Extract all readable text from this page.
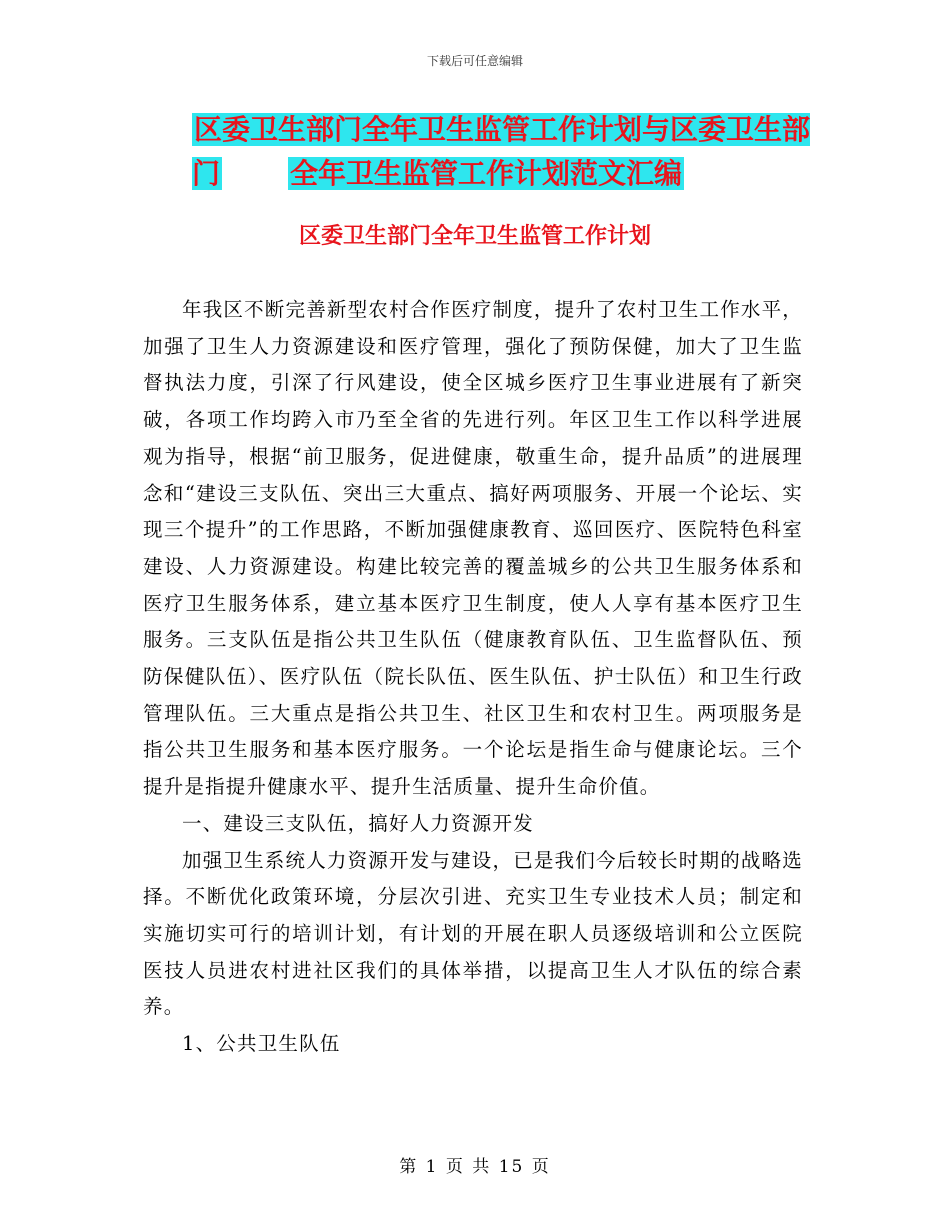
下载后可任意编辑
区委卫生部门全年卫生监管工作计划与区委卫生部门	全年卫生监管工作计划范文汇编
区委卫生部门全年卫生监管工作计划

年我区不断完善新型农村合作医疗制度，提升了农村卫生工作水平，加强了卫生人力资源建设和医疗管理，强化了预防保健，加大了卫生监督执法力度，引深了行风建设，使全区城乡医疗卫生事业进展有了新突破，各项工作均跨入市乃至全省的先进行列。年区卫生工作以科学进展观为指导，根据“前卫服务，促进健康，敬重生命，提升品质”的进展理念和“建设三支队伍、突出三大重点、搞好两项服务、开展一个论坛、实现三个提升”的工作思路，不断加强健康教育、巡回医疗、医院特色科室建设、人力资源建设。构建比较完善的覆盖城乡的公共卫生服务体系和医疗卫生服务体系，建立基本医疗卫生制度，使人人享有基本医疗卫生服务。三支队伍是指公共卫生队伍（健康教育队伍、卫生监督队伍、预防保健队伍）、医疗队伍（院长队伍、医生队伍、护士队伍）和卫生行政管理队伍。三大重点是指公共卫生、社区卫生和农村卫生。两项服务是指公共卫生服务和基本医疗服务。一个论坛是指生命与健康论坛。三个提升是指提升健康水平、提升生活质量、提升生命价值。

一、建设三支队伍，搞好人力资源开发

加强卫生系统人力资源开发与建设，已是我们今后较长时期的战略选择。不断优化政策环境，分层次引进、充实卫生专业技术人员；制定和实施切实可行的培训计划，有计划的开展在职人员逐级培训和公立医院医技人员进农村进社区我们的具体举措，以提高卫生人才队伍的综合素养。

1、公共卫生队伍

第 1 页 共 15 页
